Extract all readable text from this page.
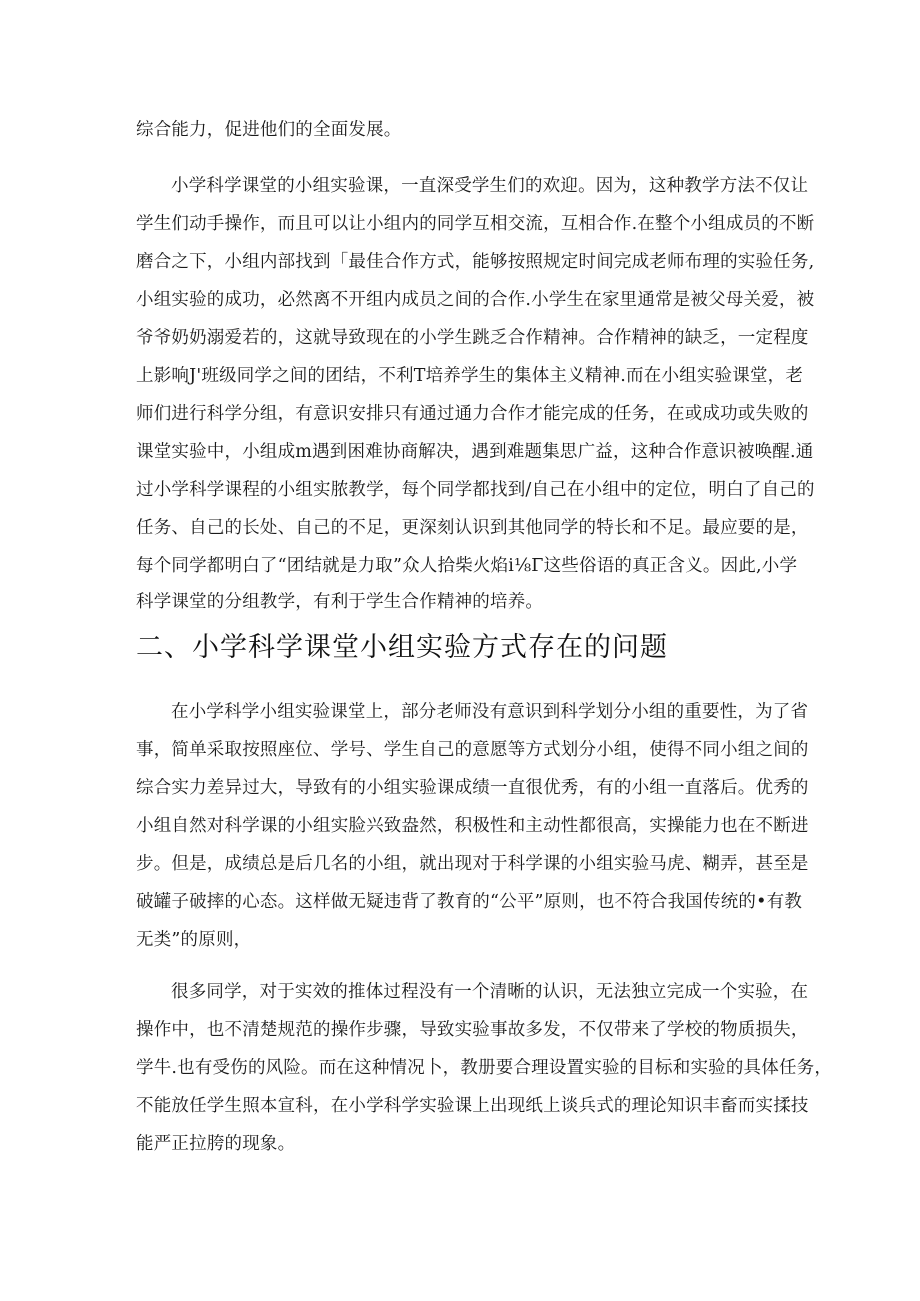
综合能力，促进他们的全面发展。
小学科学课堂的小组实验课，一直深受学生们的欢迎。因为，这种教学方法不仅让
学生们动手操作，而且可以让小组内的同学互相交流，互相合作.在整个小组成员的不断
磨合之下，小组内部找到「最佳合作方式，能够按照规定时间完成老师布理的实验任务,
小组实验的成功，必然离不开组内成员之间的合作.小学生在家里通常是被父母关爱，被
爷爷奶奶溺爱若的，这就导致现在的小学生跳乏合作精神。合作精神的缺乏，一定程度
上影响J'班级同学之间的团结，不利T培养学生的集体主义精神.而在小组实验课堂，老
师们进行科学分组，有意识安排只有通过通力合作才能完成的任务，在或成功或失败的
课堂实验中，小组成m遇到困难协商解决，遇到难题集思广益，这种合作意识被唤醒.通
过小学科学课程的小组实脓教学，每个同学都找到/自己在小组中的定位，明白了自己的
任务、自己的长处、自己的不足，更深刻认识到其他同学的特长和不足。最应要的是，
每个同学都明白了“团结就是力取”众人拾柴火焰i⅛Γ这些俗语的真正含义。因此,小学
科学课堂的分组教学，有利于学生合作精神的培养。
二、小学科学课堂小组实验方式存在的问题
在小学科学小组实验课堂上，部分老师没有意识到科学划分小组的重要性，为了省
事，简单采取按照座位、学号、学生自己的意愿等方式划分小组，使得不同小组之间的
综合实力差异过大，导致有的小组实验课成绩一直很优秀，有的小组一直落后。优秀的
小组自然对科学课的小组实脸兴致盎然，积极性和主动性都很高，实操能力也在不断进
步。但是，成绩总是后几名的小组，就出现对于科学课的小组实验马虎、糊弄，甚至是
破罐子破摔的心态。这样做无疑违背了教育的“公平”原则，也不符合我国传统的•有教
无类”的原则，
很多同学，对于实效的推体过程没有一个清晰的认识，无法独立完成一个实验，在
操作中，也不清楚规范的操作步骤，导致实验事故多发，不仅带来了学校的物质损失，
学牛.也有受伤的风险。而在这种情况卜，教册要合理设置实验的目标和实验的具体任务，
不能放任学生照本宣科，在小学科学实验课上出现纸上谈兵式的理论知识丰畜而实揉技
能严正拉胯的现象。
